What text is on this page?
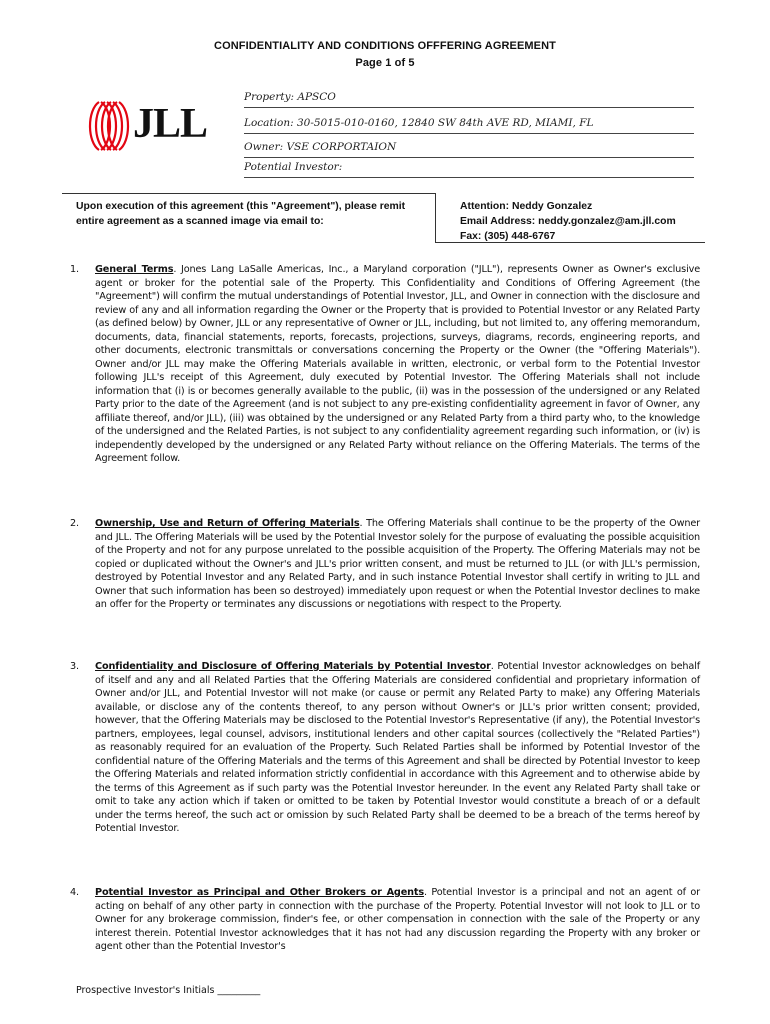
CONFIDENTIALITY AND CONDITIONS OFFFERING AGREEMENT
Page 1 of 5
JLL
Property: APSCO
Location: 30-5015-010-0160, 12840 SW 84th AVE RD, MIAMI, FL
Owner: VSE CORPORTAION
Potential Investor:
Upon execution of this agreement (this "Agreement"), please remit entire agreement as a scanned image via email to:
Attention: Neddy Gonzalez
Email Address: neddy.gonzalez@am.jll.com
Fax: (305) 448-6767
1. General Terms. Jones Lang LaSalle Americas, Inc., a Maryland corporation ("JLL"), represents Owner as Owner's exclusive agent or broker for the potential sale of the Property. This Confidentiality and Conditions of Offering Agreement (the "Agreement") will confirm the mutual understandings of Potential Investor, JLL, and Owner in connection with the disclosure and review of any and all information regarding the Owner or the Property that is provided to Potential Investor or any Related Party (as defined below) by Owner, JLL or any representative of Owner or JLL, including, but not limited to, any offering memorandum, documents, data, financial statements, reports, forecasts, projections, surveys, diagrams, records, engineering reports, and other documents, electronic transmittals or conversations concerning the Property or the Owner (the "Offering Materials"). Owner and/or JLL may make the Offering Materials available in written, electronic, or verbal form to the Potential Investor following JLL's receipt of this Agreement, duly executed by Potential Investor. The Offering Materials shall not include information that (i) is or becomes generally available to the public, (ii) was in the possession of the undersigned or any Related Party prior to the date of the Agreement (and is not subject to any pre-existing confidentiality agreement in favor of Owner, any affiliate thereof, and/or JLL), (iii) was obtained by the undersigned or any Related Party from a third party who, to the knowledge of the undersigned and the Related Parties, is not subject to any confidentiality agreement regarding such information, or (iv) is independently developed by the undersigned or any Related Party without reliance on the Offering Materials. The terms of the Agreement follow.
2. Ownership, Use and Return of Offering Materials. The Offering Materials shall continue to be the property of the Owner and JLL. The Offering Materials will be used by the Potential Investor solely for the purpose of evaluating the possible acquisition of the Property and not for any purpose unrelated to the possible acquisition of the Property. The Offering Materials may not be copied or duplicated without the Owner's and JLL's prior written consent, and must be returned to JLL (or with JLL's permission, destroyed by Potential Investor and any Related Party, and in such instance Potential Investor shall certify in writing to JLL and Owner that such information has been so destroyed) immediately upon request or when the Potential Investor declines to make an offer for the Property or terminates any discussions or negotiations with respect to the Property.
3. Confidentiality and Disclosure of Offering Materials by Potential Investor. Potential Investor acknowledges on behalf of itself and any and all Related Parties that the Offering Materials are considered confidential and proprietary information of Owner and/or JLL, and Potential Investor will not make (or cause or permit any Related Party to make) any Offering Materials available, or disclose any of the contents thereof, to any person without Owner's or JLL's prior written consent; provided, however, that the Offering Materials may be disclosed to the Potential Investor's Representative (if any), the Potential Investor's partners, employees, legal counsel, advisors, institutional lenders and other capital sources (collectively the "Related Parties") as reasonably required for an evaluation of the Property. Such Related Parties shall be informed by Potential Investor of the confidential nature of the Offering Materials and the terms of this Agreement and shall be directed by Potential Investor to keep the Offering Materials and related information strictly confidential in accordance with this Agreement and to otherwise abide by the terms of this Agreement as if such party was the Potential Investor hereunder. In the event any Related Party shall take or omit to take any action which if taken or omitted to be taken by Potential Investor would constitute a breach of or a default under the terms hereof, the such act or omission by such Related Party shall be deemed to be a breach of the terms hereof by Potential Investor.
4. Potential Investor as Principal and Other Brokers or Agents. Potential Investor is a principal and not an agent of or acting on behalf of any other party in connection with the purchase of the Property. Potential Investor will not look to JLL or to Owner for any brokerage commission, finder's fee, or other compensation in connection with the sale of the Property or any interest therein. Potential Investor acknowledges that it has not had any discussion regarding the Property with any broker or agent other than the Potential Investor's
Prospective Investor's Initials _________
